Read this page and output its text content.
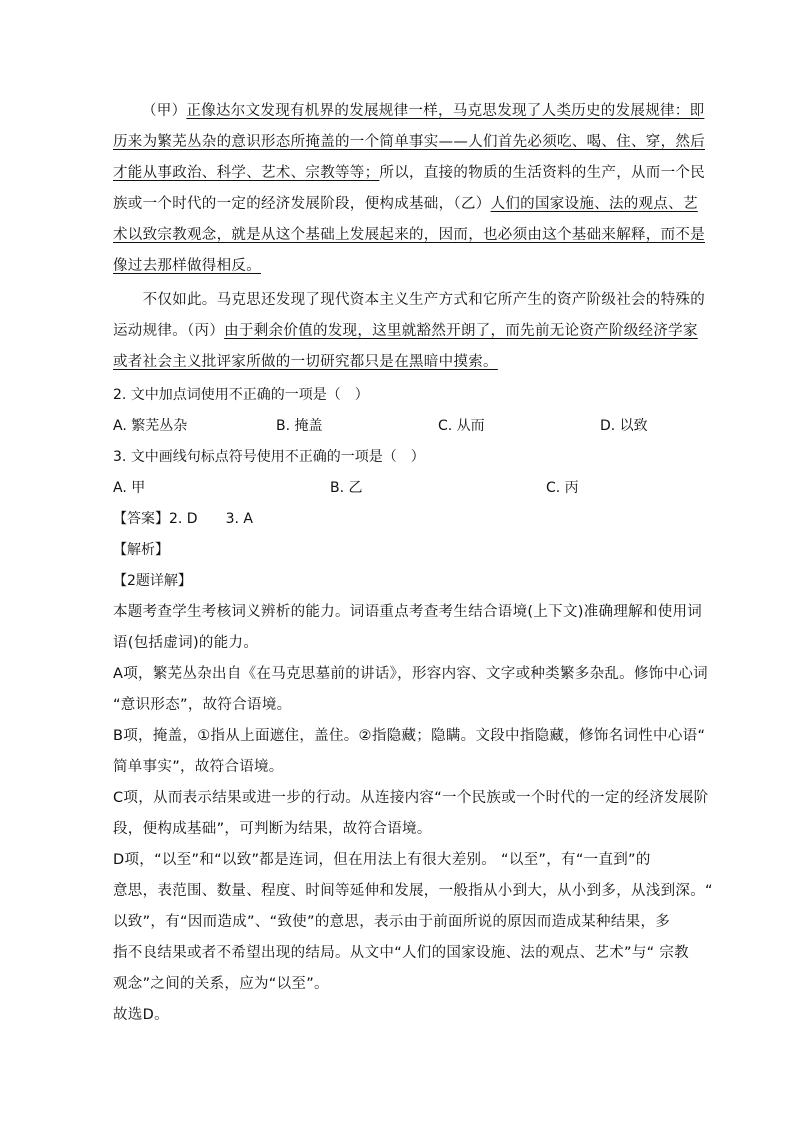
（甲）正像达尔文发现有机界的发展规律一样，马克思发现了人类历史的发展规律：即
历来为繁芜丛杂的意识形态所掩盖的一个简单事实——人们首先必须吃、喝、住、穿，然后
才能从事政治、科学、艺术、宗教等等；所以，直接的物质的生活资料的生产，从而一个民
族或一个时代的一定的经济发展阶段，便构成基础，（乙）人们的国家设施、法的观点、艺
术以致宗教观念，就是从这个基础上发展起来的，因而，也必须由这个基础来解释，而不是
像过去那样做得相反。
　　不仅如此。马克思还发现了现代资本主义生产方式和它所产生的资产阶级社会的特殊的
运动规律。（丙）由于剩余价值的发现，这里就豁然开朗了，而先前无论资产阶级经济学家
或者社会主义批评家所做的一切研究都只是在黑暗中摸索。
2. 文中加点词使用不正确的一项是（　）
A. 繁芜丛杂	B. 掩盖	C. 从而	D. 以致
3. 文中画线句标点符号使用不正确的一项是（　）
A. 甲	B. 乙	C. 丙
【答案】2. D　　3. A
【解析】
【2题详解】
本题考查学生考核词义辨析的能力。词语重点考查考生结合语境(上下文)准确理解和使用词
语(包括虚词)的能力。
A项，繁芜丛杂出自《在马克思墓前的讲话》，形容内容、文字或种类繁多杂乱。修饰中心词
“意识形态”，故符合语境。
B项，掩盖，①指从上面遮住，盖住。②指隐藏；隐瞒。文段中指隐藏，修饰名词性中心语“
简单事实”，故符合语境。
C项，从而表示结果或进一步的行动。从连接内容“一个民族或一个时代的一定的经济发展阶
段，便构成基础”，可判断为结果，故符合语境。
D项，“以至”和“以致”都是连词，但在用法上有很大差别。 “以至”，有“一直到”的
意思，表范围、数量、程度、时间等延伸和发展，一般指从小到大，从小到多，从浅到深。“
以致”，有“因而造成”、“致使”的意思，表示由于前面所说的原因而造成某种结果，多
指不良结果或者不希望出现的结局。从文中“人们的国家设施、法的观点、艺术”与“ 宗教
观念”之间的关系，应为“以至”。
故选D。
